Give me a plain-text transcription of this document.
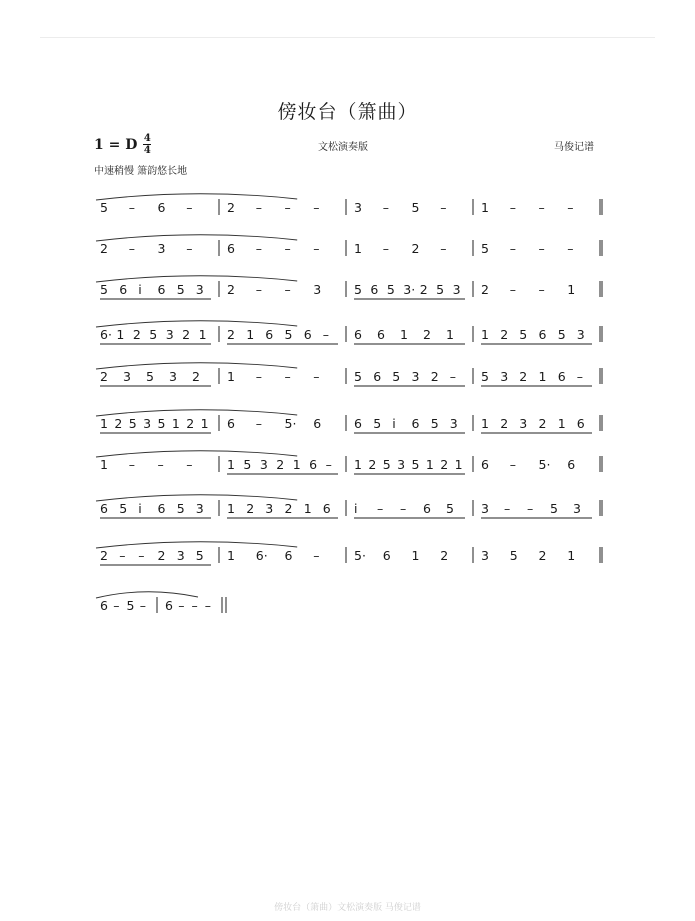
傍妆台（箫曲）
1 = D 4
4	文松演奏版	马俊记谱
中速稍慢 箫韵悠长地
5 – 6 –	2 – – –	3 – 5 –	1 – – –
2 – 3 –	6 – – –	1 – 2 –	5 – – –
5 6 i 6 5 3 2 – – 3	5 6 5 3· 2 5 3 2 – – 1
6· 1 2 5 3 2 1 2 1 6 5 6 – 6 6 1 2 1 1 2 5 6 5 3
2 3 5 3 2 1 – – –	5 6 5 3 2 – 5 3 2 1 6 –
1 2 5 3 5 1 2 1 6 – 5· 6	6 5 i 6 5 3 1 2 3 2 1 6
1 – – –	1 5 3 2 1 6 – 1 2 5 3 5 1 2 1 6 – 5· 6
6 5 i 6 5 3 1 2 3 2 1 6 i – – 6 5 3 – – 5 3
2 – – 2 3 5 1 6· 6 –	5· 6 1 2	3 5 2 1
6 – 5 – 6 – – –
傍妆台（箫曲）文松演奏版 马俊记谱
